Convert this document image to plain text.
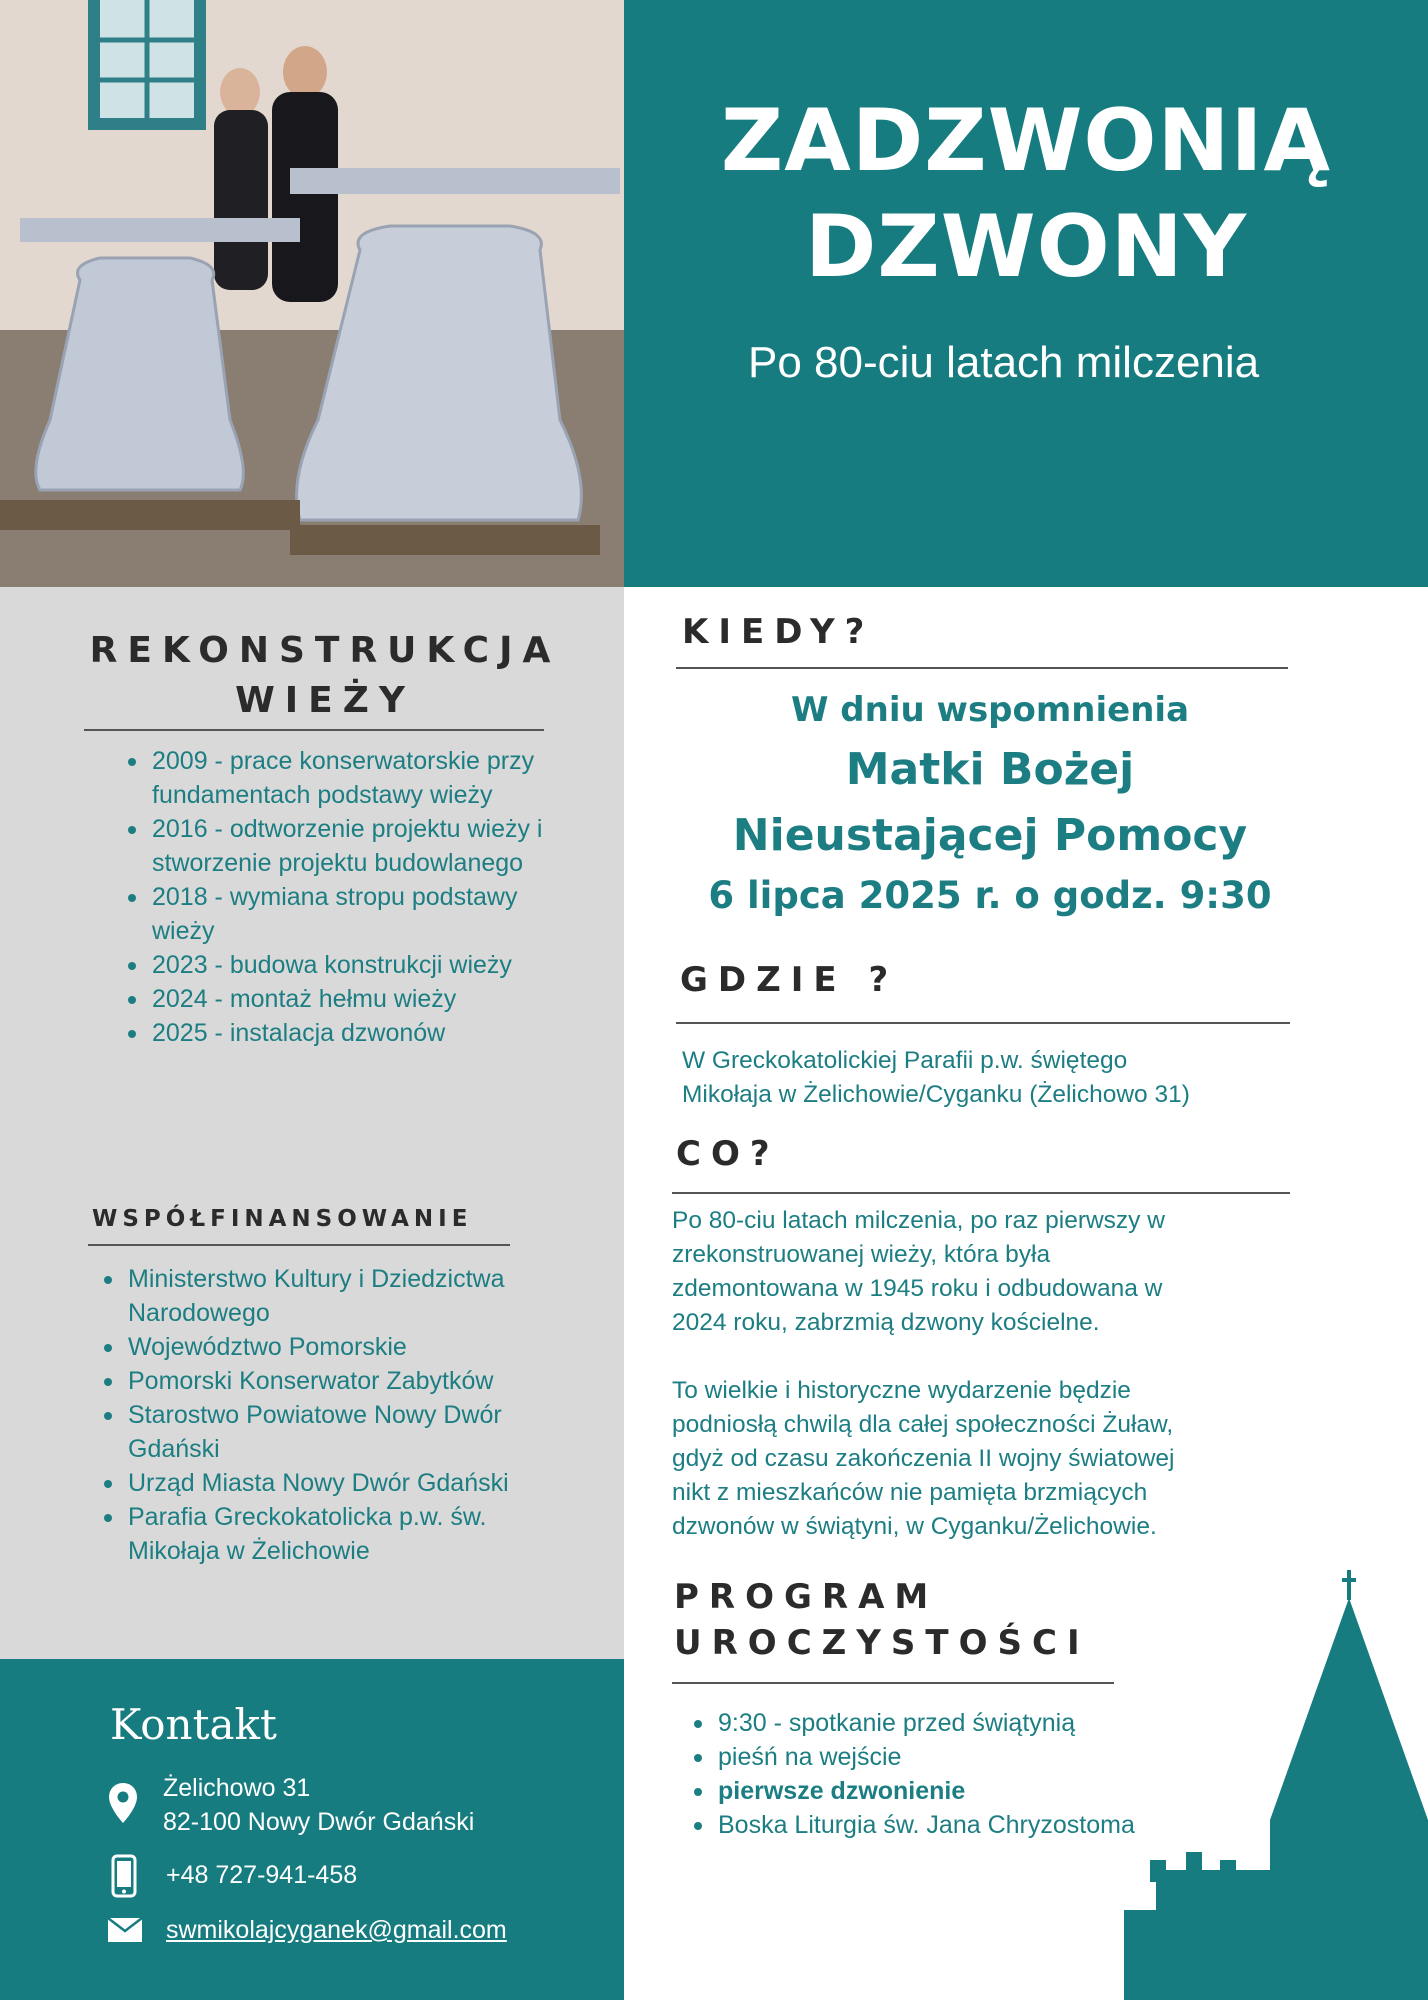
ZADZWONIĄ
DZWONY
Po 80-ciu latach milczenia
REKONSTRUKCJA
WIEŻY
2009 - prace konserwatorskie przy fundamentach podstawy wieży
2016 - odtworzenie projektu wieży i stworzenie projektu budowlanego
2018 - wymiana stropu podstawy wieży
2023 - budowa konstrukcji wieży
2024 - montaż hełmu wieży
2025 - instalacja dzwonów
WSPÓŁFINANSOWANIE
Ministerstwo Kultury i Dziedzictwa Narodowego
Województwo Pomorskie
Pomorski Konserwator Zabytków
Starostwo Powiatowe Nowy Dwór Gdański
Urząd Miasta Nowy Dwór Gdański
Parafia Greckokatolicka p.w. św. Mikołaja w Żelichowie
Kontakt
Żelichowo 31
82-100 Nowy Dwór Gdański
+48 727-941-458
swmikolajcyganek@gmail.com
KIEDY?
W dniu wspomnienia
Matki Bożej
Nieustającej Pomocy
6 lipca 2025 r. o godz. 9:30
GDZIE ?
W Greckokatolickiej Parafii p.w. świętego
Mikołaja w Żelichowie/Cyganku (Żelichowo 31)
CO?
Po 80-ciu latach milczenia, po raz pierwszy w
zrekonstruowanej wieży, która była
zdemontowana w 1945 roku i odbudowana w
2024 roku, zabrzmią dzwony kościelne.
To wielkie i historyczne wydarzenie będzie
podniosłą chwilą dla całej społeczności Żuław,
gdyż od czasu zakończenia II wojny światowej
nikt z mieszkańców nie pamięta brzmiących
dzwonów w świątyni, w Cyganku/Żelichowie.
PROGRAM
UROCZYSTOŚCI
9:30 - spotkanie przed świątynią
pieśń na wejście
pierwsze dzwonienie
Boska Liturgia św. Jana Chryzostoma
